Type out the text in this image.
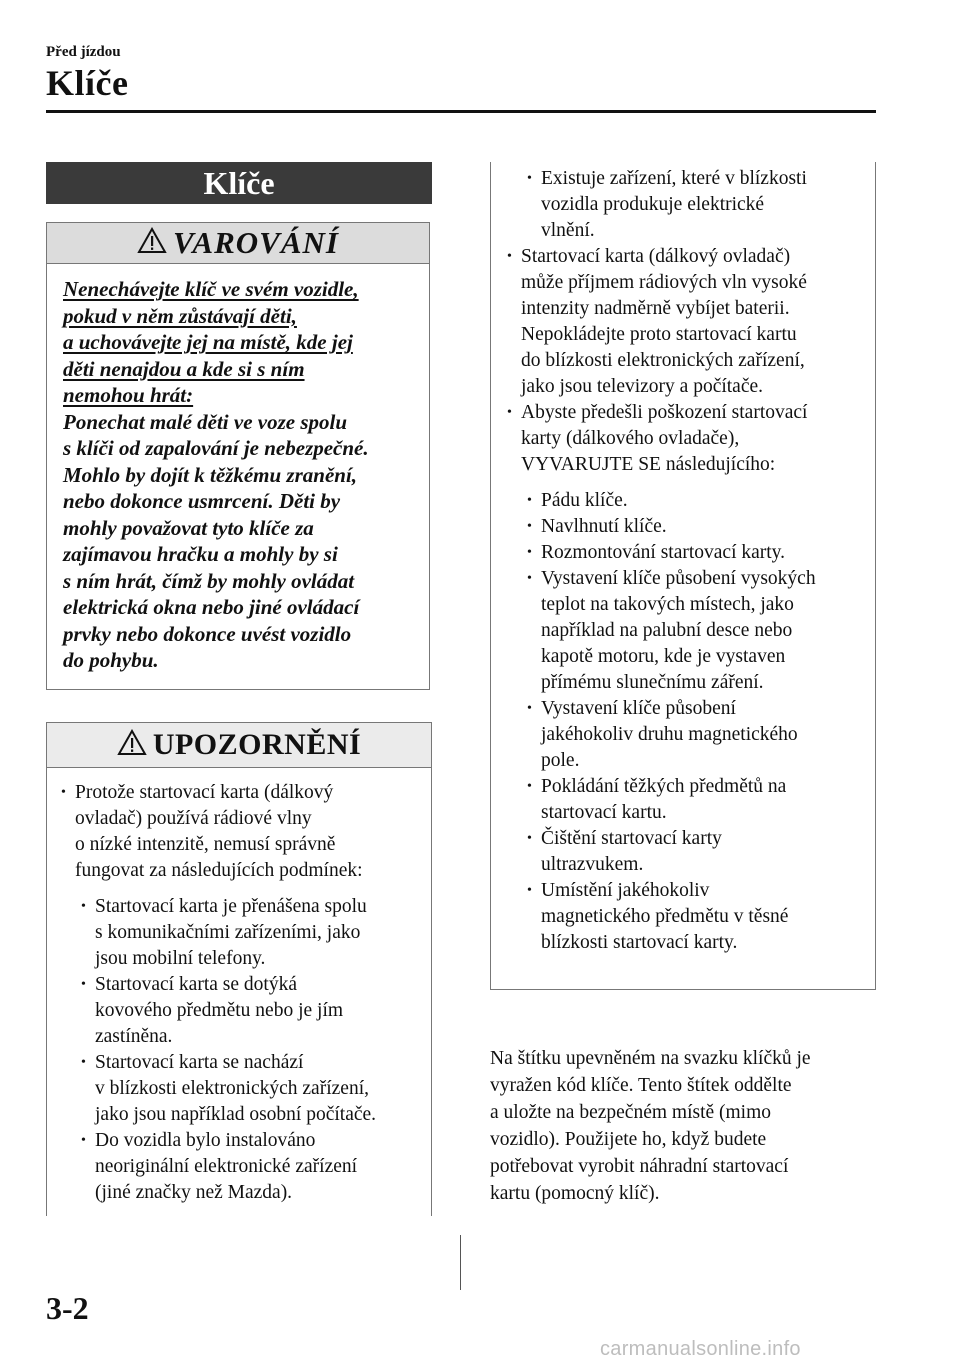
Před jízdou
Klíče
Klíče
VAROVÁNÍ
Nenechávejte klíč ve svém vozidle,
pokud v něm zůstávají děti,
a uchovávejte jej na místě, kde jej
děti nenajdou a kde si s ním
nemohou hrát:
Ponechat malé děti ve voze spolu
s klíči od zapalování je nebezpečné.
Mohlo by dojít k těžkému zranění,
nebo dokonce usmrcení. Děti by
mohly považovat tyto klíče za
zajímavou hračku a mohly by si
s ním hrát, čímž by mohly ovládat
elektrická okna nebo jiné ovládací
prvky nebo dokonce uvést vozidlo
do pohybu.
UPOZORNĚNÍ
• Protože startovací karta (dálkový
ovladač) používá rádiové vlny
o nízké intenzitě, nemusí správně
fungovat za následujících podmínek:
• Startovací karta je přenášena spolu
s komunikačními zařízeními, jako
jsou mobilní telefony.
• Startovací karta se dotýká
kovového předmětu nebo je jím
zastíněna.
• Startovací karta se nachází
v blízkosti elektronických zařízení,
jako jsou například osobní počítače.
• Do vozidla bylo instalováno
neoriginální elektronické zařízení
(jiné značky než Mazda).
• Existuje zařízení, které v blízkosti
vozidla produkuje elektrické
vlnění.
• Startovací karta (dálkový ovladač)
může příjmem rádiových vln vysoké
intenzity nadměrně vybíjet baterii.
Nepokládejte proto startovací kartu
do blízkosti elektronických zařízení,
jako jsou televizory a počítače.
• Abyste předešli poškození startovací
karty (dálkového ovladače),
VYVARUJTE SE následujícího:
• Pádu klíče.
• Navlhnutí klíče.
• Rozmontování startovací karty.
• Vystavení klíče působení vysokých
teplot na takových místech, jako
například na palubní desce nebo
kapotě motoru, kde je vystaven
přímému slunečnímu záření.
• Vystavení klíče působení
jakéhokoliv druhu magnetického
pole.
• Pokládání těžkých předmětů na
startovací kartu.
• Čištění startovací karty
ultrazvukem.
• Umístění jakéhokoliv
magnetického předmětu v těsné
blízkosti startovací karty.
Na štítku upevněném na svazku klíčků je
vyražen kód klíče. Tento štítek oddělte
a uložte na bezpečném místě (mimo
vozidlo). Použijete ho, když budete
potřebovat vyrobit náhradní startovací
kartu (pomocný klíč).
3-2
carmanualsonline.info
